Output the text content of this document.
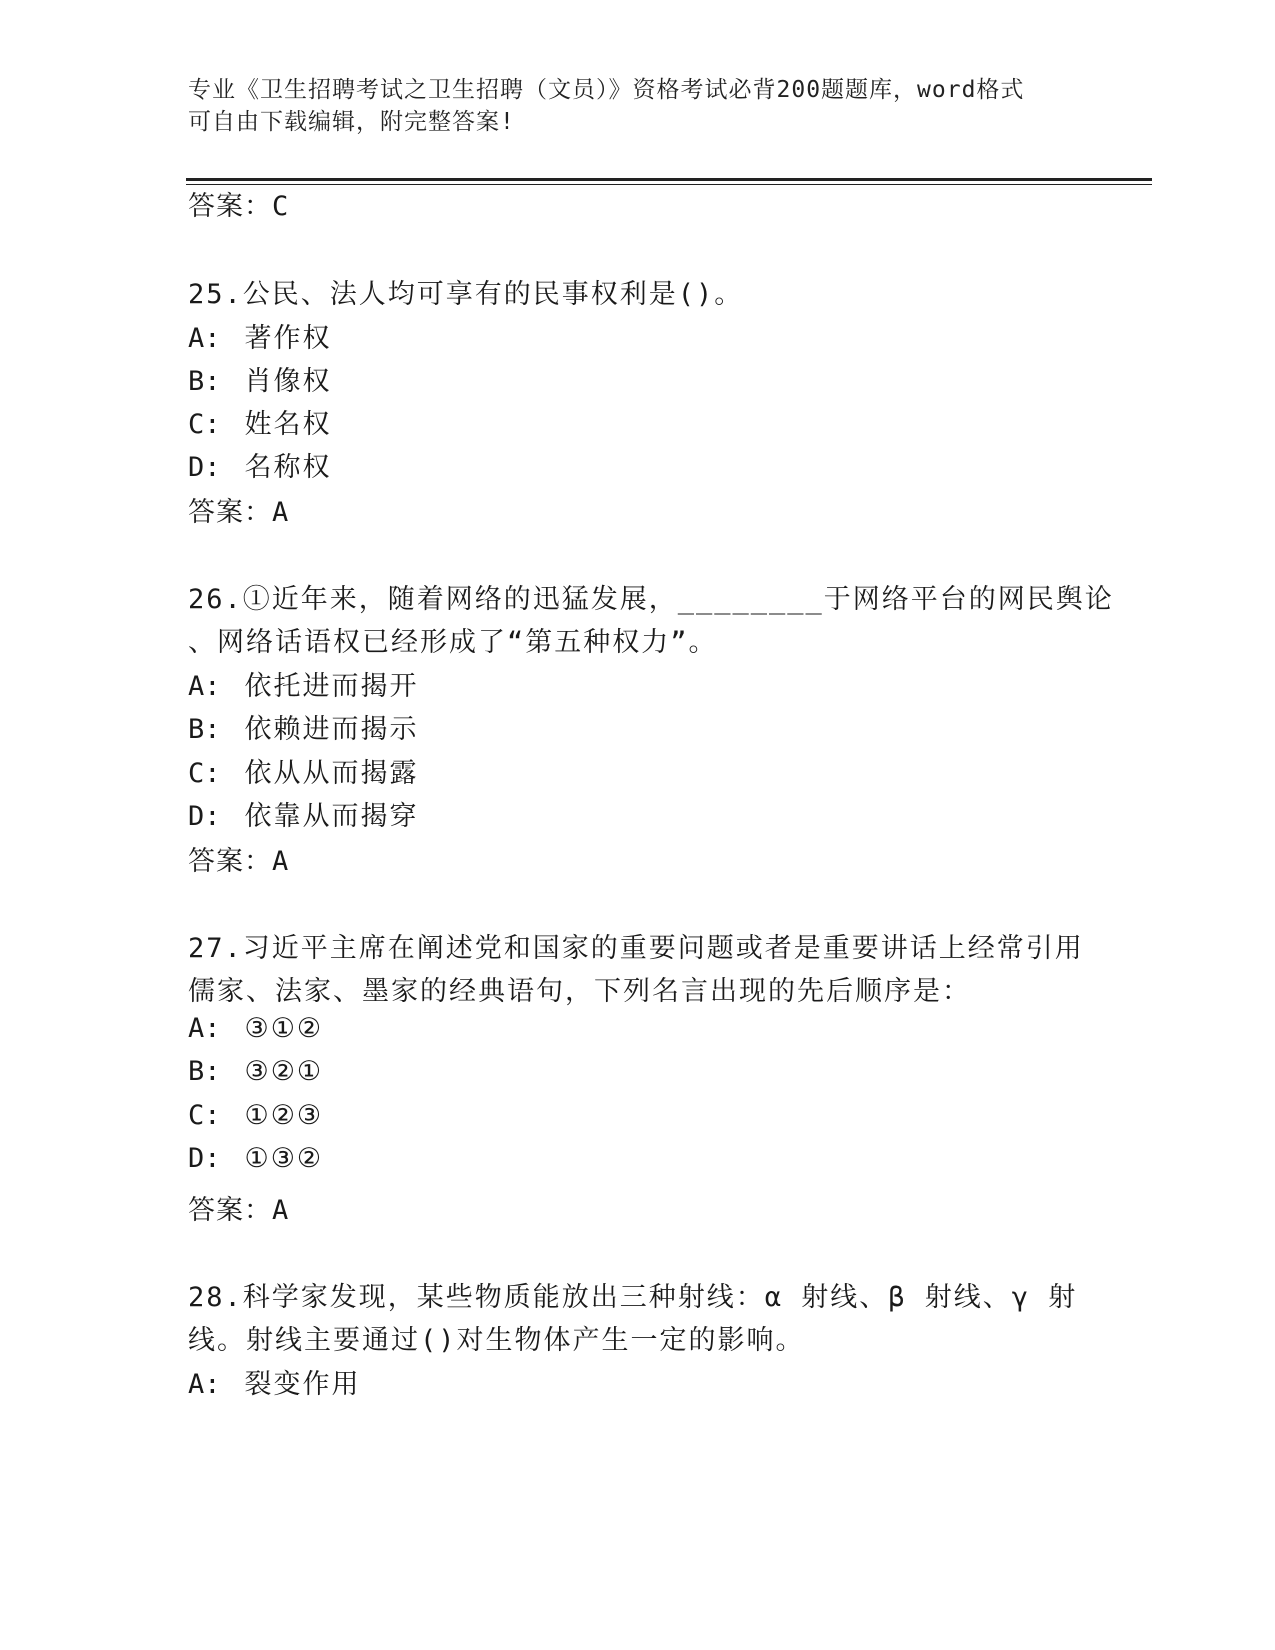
专业《卫生招聘考试之卫生招聘（文员）》资格考试必背200题题库，word格式
可自由下载编辑，附完整答案!
答案：C
25.公民、法人均可享有的民事权利是()。
A: 著作权
B: 肖像权
C: 姓名权
D: 名称权
答案：A
26.①近年来，随着网络的迅猛发展，________于网络平台的网民舆论
、网络话语权已经形成了“第五种权力”。
A: 依托进而揭开
B: 依赖进而揭示
C: 依从从而揭露
D: 依靠从而揭穿
答案：A
27.习近平主席在阐述党和国家的重要问题或者是重要讲话上经常引用
儒家、法家、墨家的经典语句，下列名言出现的先后顺序是：
A: ③①②
B: ③②①
C: ①②③
D: ①③②
答案：A
28.科学家发现，某些物质能放出三种射线：α 射线、β 射线、γ 射
线。射线主要通过()对生物体产生一定的影响。
A: 裂变作用
